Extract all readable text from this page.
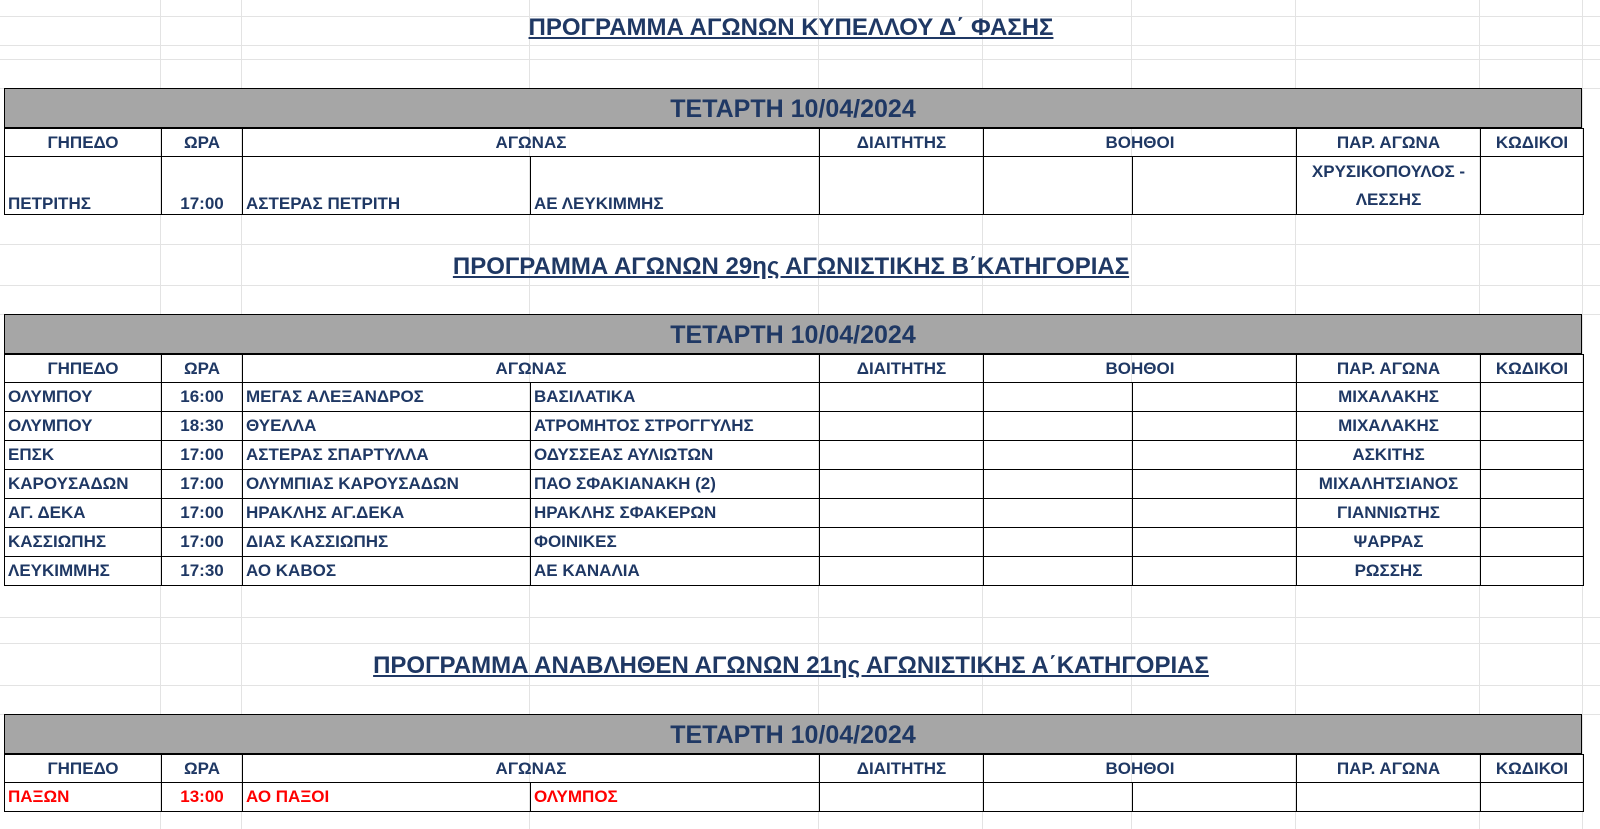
ΠΡΟΓΡΑΜΜΑ ΑΓΩΝΩΝ ΚΥΠΕΛΛΟΥ Δ΄ ΦΑΣΗΣ
ΤΕΤΑΡΤΗ 10/04/2024
ΓΗΠΕΔΟ	ΩΡΑ	ΑΓΩΝΑΣ		ΔΙΑΙΤΗΤΗΣ	ΒΟΗΘΟΙ		ΠΑΡ. ΑΓΩΝΑ	ΚΩΔΙΚΟΙ
ΠΕΤΡΙΤΗΣ	17:00	ΑΣΤΕΡΑΣ ΠΕΤΡΙΤΗ	ΑΕ ΛΕΥΚΙΜΜΗΣ				ΧΡΥΣΙΚΟΠΟΥΛΟΣ - ΛΕΣΣΗΣ	
ΠΡΟΓΡΑΜΜΑ ΑΓΩΝΩΝ 29ης ΑΓΩΝΙΣΤΙΚΗΣ Β΄ΚΑΤΗΓΟΡΙΑΣ
ΤΕΤΑΡΤΗ 10/04/2024
ΓΗΠΕΔΟ	ΩΡΑ	ΑΓΩΝΑΣ		ΔΙΑΙΤΗΤΗΣ	ΒΟΗΘΟΙ		ΠΑΡ. ΑΓΩΝΑ	ΚΩΔΙΚΟΙ
ΟΛΥΜΠΟΥ	16:00	ΜΕΓΑΣ ΑΛΕΞΑΝΔΡΟΣ	ΒΑΣΙΛΑΤΙΚΑ				ΜΙΧΑΛΑΚΗΣ	
ΟΛΥΜΠΟΥ	18:30	ΘΥΕΛΛΑ	ΑΤΡΟΜΗΤΟΣ ΣΤΡΟΓΓΥΛΗΣ				ΜΙΧΑΛΑΚΗΣ	
ΕΠΣΚ	17:00	ΑΣΤΕΡΑΣ ΣΠΑΡΤΥΛΛΑ	ΟΔΥΣΣΕΑΣ ΑΥΛΙΩΤΩΝ				ΑΣΚΙΤΗΣ	
ΚΑΡΟΥΣΑΔΩΝ	17:00	ΟΛΥΜΠΙΑΣ ΚΑΡΟΥΣΑΔΩΝ	ΠΑΟ ΣΦΑΚΙΑΝΑΚΗ (2)				ΜΙΧΑΛΗΤΣΙΑΝΟΣ	
ΑΓ. ΔΕΚΑ	17:00	ΗΡΑΚΛΗΣ ΑΓ.ΔΕΚΑ	ΗΡΑΚΛΗΣ ΣΦΑΚΕΡΩΝ				ΓΙΑΝΝΙΩΤΗΣ	
ΚΑΣΣΙΩΠΗΣ	17:00	ΔΙΑΣ ΚΑΣΣΙΩΠΗΣ	ΦΟΙΝΙΚΕΣ				ΨΑΡΡΑΣ	
ΛΕΥΚΙΜΜΗΣ	17:30	ΑΟ ΚΑΒΟΣ	ΑΕ ΚΑΝΑΛΙΑ				ΡΩΣΣΗΣ	
ΠΡΟΓΡΑΜΜΑ ΑΝΑΒΛΗΘΕΝ ΑΓΩΝΩΝ 21ης ΑΓΩΝΙΣΤΙΚΗΣ Α΄ΚΑΤΗΓΟΡΙΑΣ
ΤΕΤΑΡΤΗ 10/04/2024
ΓΗΠΕΔΟ	ΩΡΑ	ΑΓΩΝΑΣ		ΔΙΑΙΤΗΤΗΣ	ΒΟΗΘΟΙ		ΠΑΡ. ΑΓΩΝΑ	ΚΩΔΙΚΟΙ
ΠΑΞΩΝ	13:00	ΑΟ ΠΑΞΟΙ	ΟΛΥΜΠΟΣ					
